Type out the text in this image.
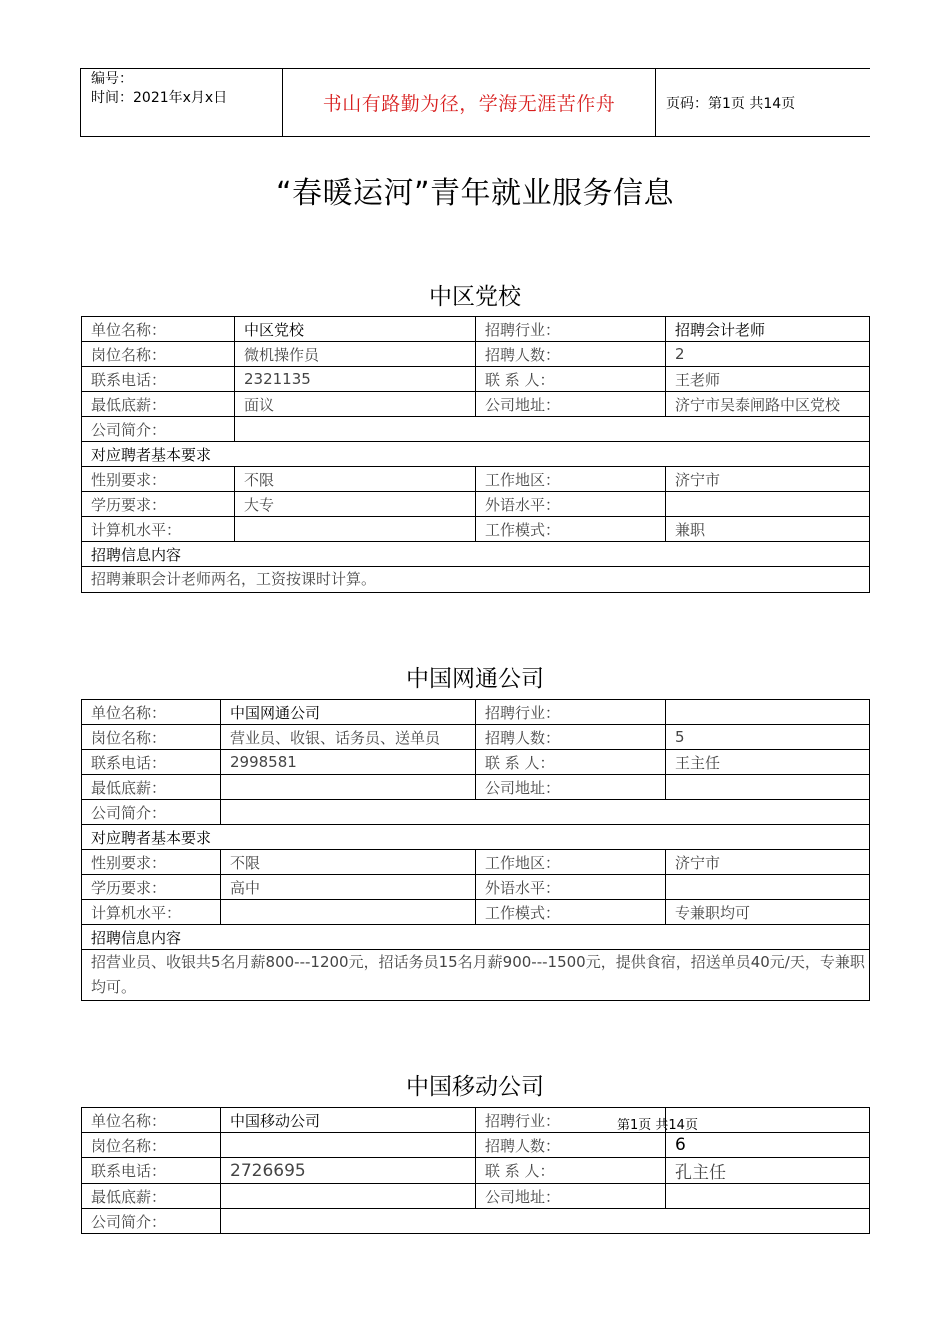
编号：
时间：2021年x月x日	书山有路勤为径，学海无涯苦作舟	页码：第1页 共14页
“春暖运河”青年就业服务信息
中区党校
单位名称：	中区党校	招聘行业：	招聘会计老师
岗位名称：	微机操作员	招聘人数：	2
联系电话：	2321135	联 系 人：	王老师
最低底薪：	面议	公司地址：	济宁市吴泰闸路中区党校
公司简介：			
对应聘者基本要求			
性别要求：	不限	工作地区：	济宁市
学历要求：	大专	外语水平：	
计算机水平：		工作模式：	兼职
招聘信息内容			
招聘兼职会计老师两名，工资按课时计算。			
中国网通公司
单位名称：	中国网通公司	招聘行业：	
岗位名称：	营业员、收银、话务员、送单员	招聘人数：	5
联系电话：	2998581	联 系 人：	王主任
最低底薪：		公司地址：	
公司简介：			
对应聘者基本要求			
性别要求：	不限	工作地区：	济宁市
学历要求：	高中	外语水平：	
计算机水平：		工作模式：	专兼职均可
招聘信息内容			
招营业员、收银共5名月薪800---1200元，招话务员15名月薪900---1500元，提供食宿，招送单员40元/天，专兼职均可。			
中国移动公司
单位名称：	中国移动公司	招聘行业：	
岗位名称：		招聘人数：	6
联系电话：	2726695	联 系 人：	孔主任
最低底薪：		公司地址：	
公司简介：			
第1页 共14页
